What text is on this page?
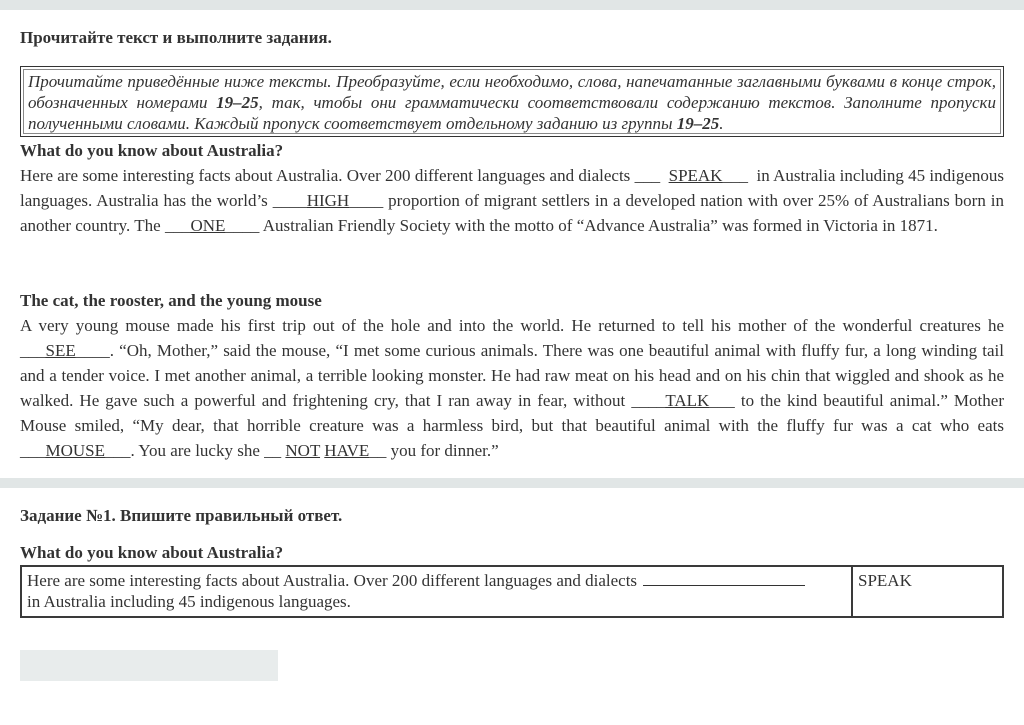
Прочитайте текст и выполните задания.
Прочитайте приведённые ниже тексты. Преобразуйте, если необходимо, слова, напечатанные заглавными буквами в конце строк, обозначенных номерами 19–25, так, чтобы они грамматически соответствовали содержанию текстов. Заполните пропуски полученными словами. Каждый пропуск соответствует отдельному заданию из группы 19–25.
What do you know about Australia?
Here are some interesting facts about Australia. Over 200 different languages and dialects ___  SPEAK___  in Australia including 45 indigenous languages. Australia has the world’s ____HIGH____ proportion of migrant settlers in a developed nation with over 25% of Australians born in another country. The ___ONE____ Australian Friendly Society with the motto of “Advance Australia” was formed in Victoria in 1871.
The cat, the rooster, and the young mouse
A very young mouse made his first trip out of the hole and into the world. He returned to tell his mother of the wonderful creatures he ___SEE____. “Oh, Mother,” said the mouse, “I met some curious animals. There was one beautiful animal with fluffy fur, a long winding tail and a tender voice. I met another animal, a terrible looking monster. He had raw meat on his head and on his chin that wiggled and shook as he walked. He gave such a powerful and frightening cry, that I ran away in fear, without ____TALK___ to the kind beautiful animal.” Mother Mouse smiled, “My dear, that horrible creature was a harmless bird, but that beautiful animal with the fluffy fur was a cat who eats ___MOUSE___. You are lucky she __ NOT HAVE__ you for dinner.”
Задание №1. Впишите правильный ответ.
What do you know about Australia?
Here are some interesting facts about Australia. Over 200 different languages and dialects
in Australia including 45 indigenous languages.
SPEAK
